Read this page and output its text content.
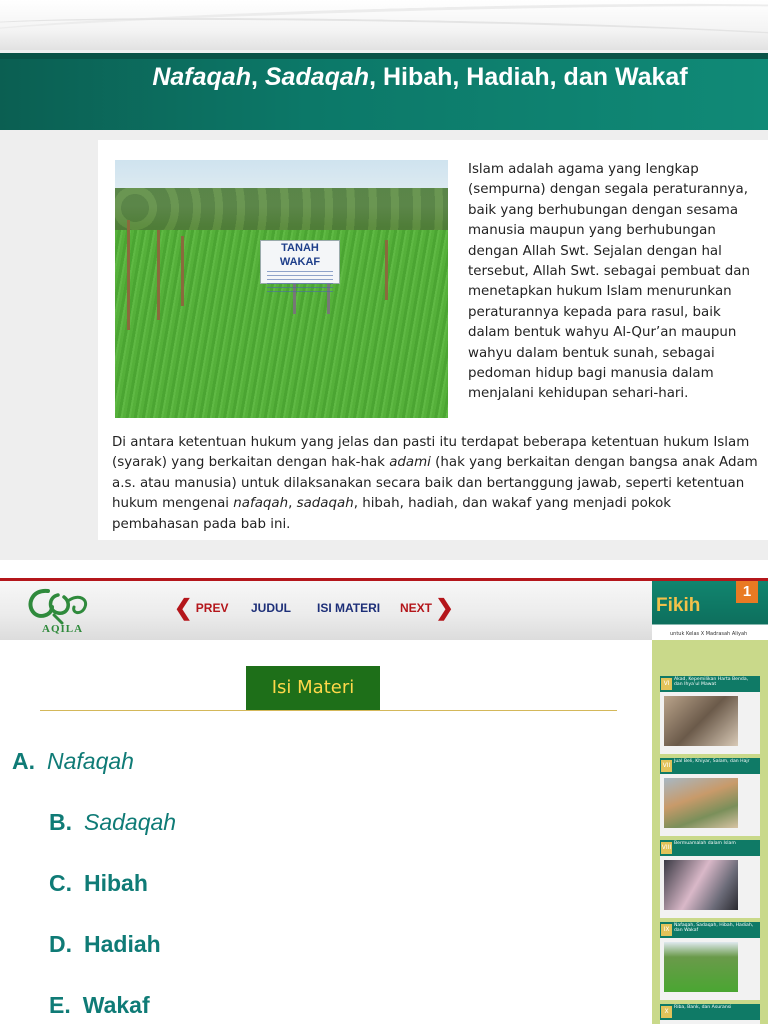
Nafaqah, Sadaqah, Hibah, Hadiah, dan Wakaf
TANAH WAKAF

Islam adalah agama yang lengkap (sempurna) dengan segala peraturannya, baik yang berhubungan dengan sesama manusia maupun yang berhubungan dengan Allah Swt. Sejalan dengan hal tersebut, Allah Swt. sebagai pembuat dan menetapkan hukum Islam menurunkan peraturannya kepada para rasul, baik dalam bentuk wahyu Al-Qur’an maupun wahyu dalam bentuk sunah, sebagai pedoman hidup bagi manusia dalam menjalani kehidupan sehari-hari.

Di antara ketentuan hukum yang jelas dan pasti itu terdapat beberapa ketentuan hukum Islam (syarak) yang berkaitan dengan hak-hak adami (hak yang berkaitan dengan bangsa anak Adam a.s. atau manusia) untuk dilaksanakan secara baik dan bertanggung jawab, seperti ketentuan hukum mengenai nafaqah, sadaqah, hibah, hadiah, dan wakaf yang menjadi pokok pembahasan pada bab ini.

AQILA
❮ PREV JUDUL ISI MATERI NEXT ❯	Fikih
1
untuk Kelas X Madrasah Aliyah
Isi Materi
A. Nafaqah
B. Sadaqah
C. Hibah
D. Hadiah
E. Wakaf
VI
Akad, Kepemilikan Harta Benda, dan Ihya’ul Mawat
VII
Jual Beli, Khiyar, Salam, dan Hajr
VIII
Bermuamalah dalam Islam
IX
Nafaqah, Sadaqah, Hibah, Hadiah, dan Wakaf
X
Riba, Bank, dan Asuransi
